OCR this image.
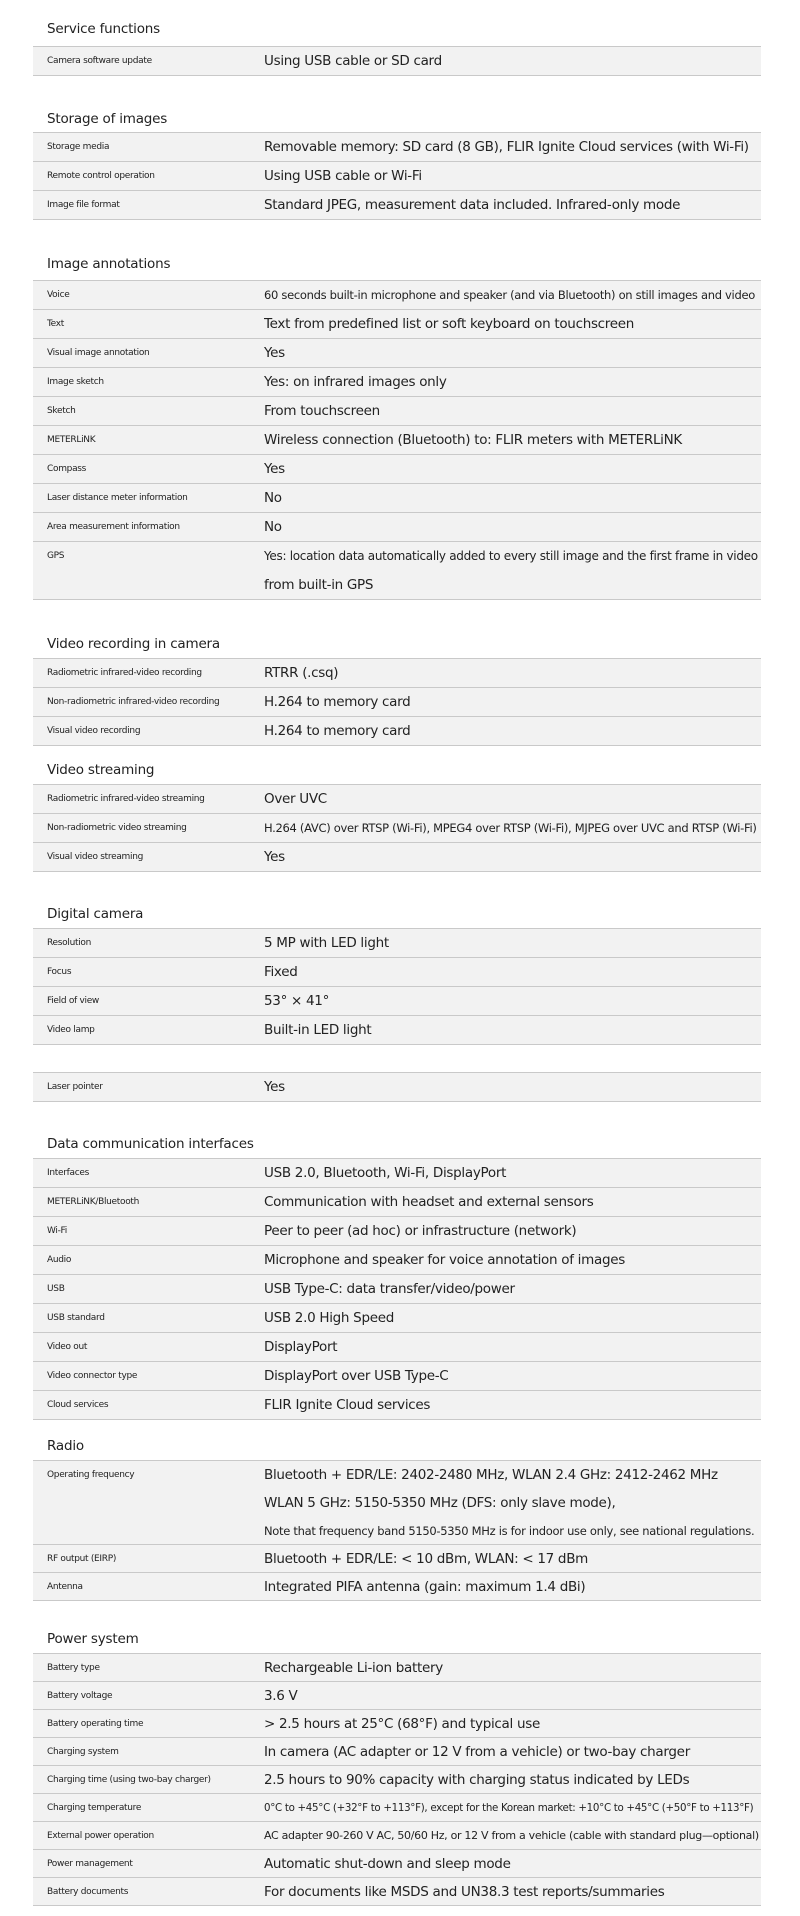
Service functions
Camera software update	Using USB cable or SD card
Storage of images
Storage media	Removable memory: SD card (8 GB), FLIR Ignite Cloud services (with Wi-Fi)
Remote control operation	Using USB cable or Wi-Fi
Image file format	Standard JPEG, measurement data included. Infrared-only mode
Image annotations
Voice	60 seconds built-in microphone and speaker (and via Bluetooth) on still images and video
Text	Text from predefined list or soft keyboard on touchscreen
Visual image annotation	Yes
Image sketch	Yes: on infrared images only
Sketch	From touchscreen
METERLiNK	Wireless connection (Bluetooth) to: FLIR meters with METERLiNK
Compass	Yes
Laser distance meter information	No
Area measurement information	No
GPS	Yes: location data automatically added to every still image and the first frame in video
from built-in GPS
Video recording in camera
Radiometric infrared-video recording	RTRR (.csq)
Non-radiometric infrared-video recording	H.264 to memory card
Visual video recording	H.264 to memory card
Video streaming
Radiometric infrared-video streaming	Over UVC
Non-radiometric video streaming	H.264 (AVC) over RTSP (Wi-Fi), MPEG4 over RTSP (Wi-Fi), MJPEG over UVC and RTSP (Wi-Fi)
Visual video streaming	Yes
Digital camera
Resolution	5 MP with LED light
Focus	Fixed
Field of view	53° × 41°
Video lamp	Built-in LED light
Laser pointer	Yes
Data communication interfaces
Interfaces	USB 2.0, Bluetooth, Wi-Fi, DisplayPort
METERLiNK/Bluetooth	Communication with headset and external sensors
Wi-Fi	Peer to peer (ad hoc) or infrastructure (network)
Audio	Microphone and speaker for voice annotation of images
USB	USB Type-C: data transfer/video/power
USB standard	USB 2.0 High Speed
Video out	DisplayPort
Video connector type	DisplayPort over USB Type-C
Cloud services	FLIR Ignite Cloud services
Radio
Operating frequency	Bluetooth + EDR/LE: 2402-2480 MHz, WLAN 2.4 GHz: 2412-2462 MHz
WLAN 5 GHz: 5150-5350 MHz (DFS: only slave mode),
Note that frequency band 5150-5350 MHz is for indoor use only, see national regulations.
RF output (EIRP)	Bluetooth + EDR/LE: < 10 dBm, WLAN: < 17 dBm
Antenna	Integrated PIFA antenna (gain: maximum 1.4 dBi)
Power system
Battery type	Rechargeable Li-ion battery
Battery voltage	3.6 V
Battery operating time	> 2.5 hours at 25°C (68°F) and typical use
Charging system	In camera (AC adapter or 12 V from a vehicle) or two-bay charger
Charging time (using two-bay charger)	2.5 hours to 90% capacity with charging status indicated by LEDs
Charging temperature	0°C to +45°C (+32°F to +113°F), except for the Korean market: +10°C to +45°C (+50°F to +113°F)
External power operation	AC adapter 90-260 V AC, 50/60 Hz, or 12 V from a vehicle (cable with standard plug—optional)
Power management	Automatic shut-down and sleep mode
Battery documents	For documents like MSDS and UN38.3 test reports/summaries
